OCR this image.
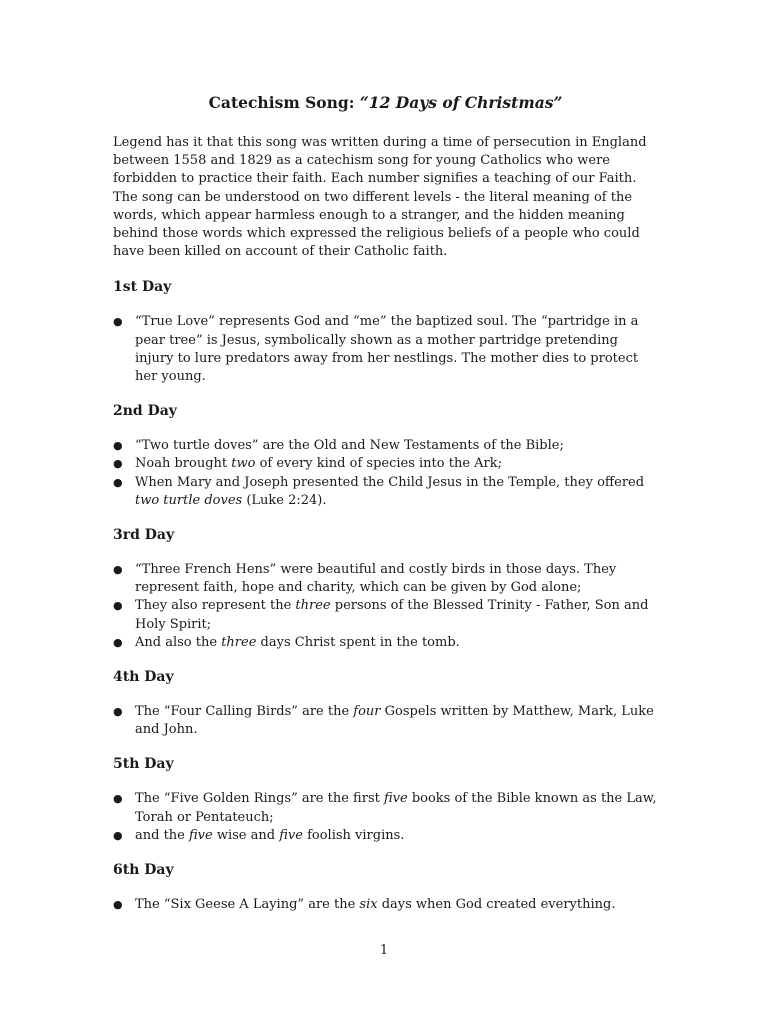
Catechism Song: “12 Days of Christmas”

Legend has it that this song was written during a time of persecution in England between 1558 and 1829 as a catechism song for young Catholics who were forbidden to practice their faith. Each number signifies a teaching of our Faith. The song can be understood on two different levels - the literal meaning of the words, which appear harmless enough to a stranger, and the hidden meaning behind those words which expressed the religious beliefs of a people who could have been killed on account of their Catholic faith.

1st Day
● “True Love” represents God and “me” the baptized soul. The “partridge in a pear tree” is Jesus, symbolically shown as a mother partridge pretending injury to lure predators away from her nestlings. The mother dies to protect her young.
2nd Day
● “Two turtle doves” are the Old and New Testaments of the Bible;
● Noah brought two of every kind of species into the Ark;
● When Mary and Joseph presented the Child Jesus in the Temple, they offered two turtle doves (Luke 2:24).
3rd Day
● “Three French Hens” were beautiful and costly birds in those days. They represent faith, hope and charity, which can be given by God alone;
● They also represent the three persons of the Blessed Trinity - Father, Son and Holy Spirit;
● And also the three days Christ spent in the tomb.
4th Day
● The “Four Calling Birds” are the four Gospels written by Matthew, Mark, Luke and John.
5th Day
● The “Five Golden Rings” are the first five books of the Bible known as the Law, Torah or Pentateuch;
● and the five wise and five foolish virgins.
6th Day
● The “Six Geese A Laying” are the six days when God created everything.
1
